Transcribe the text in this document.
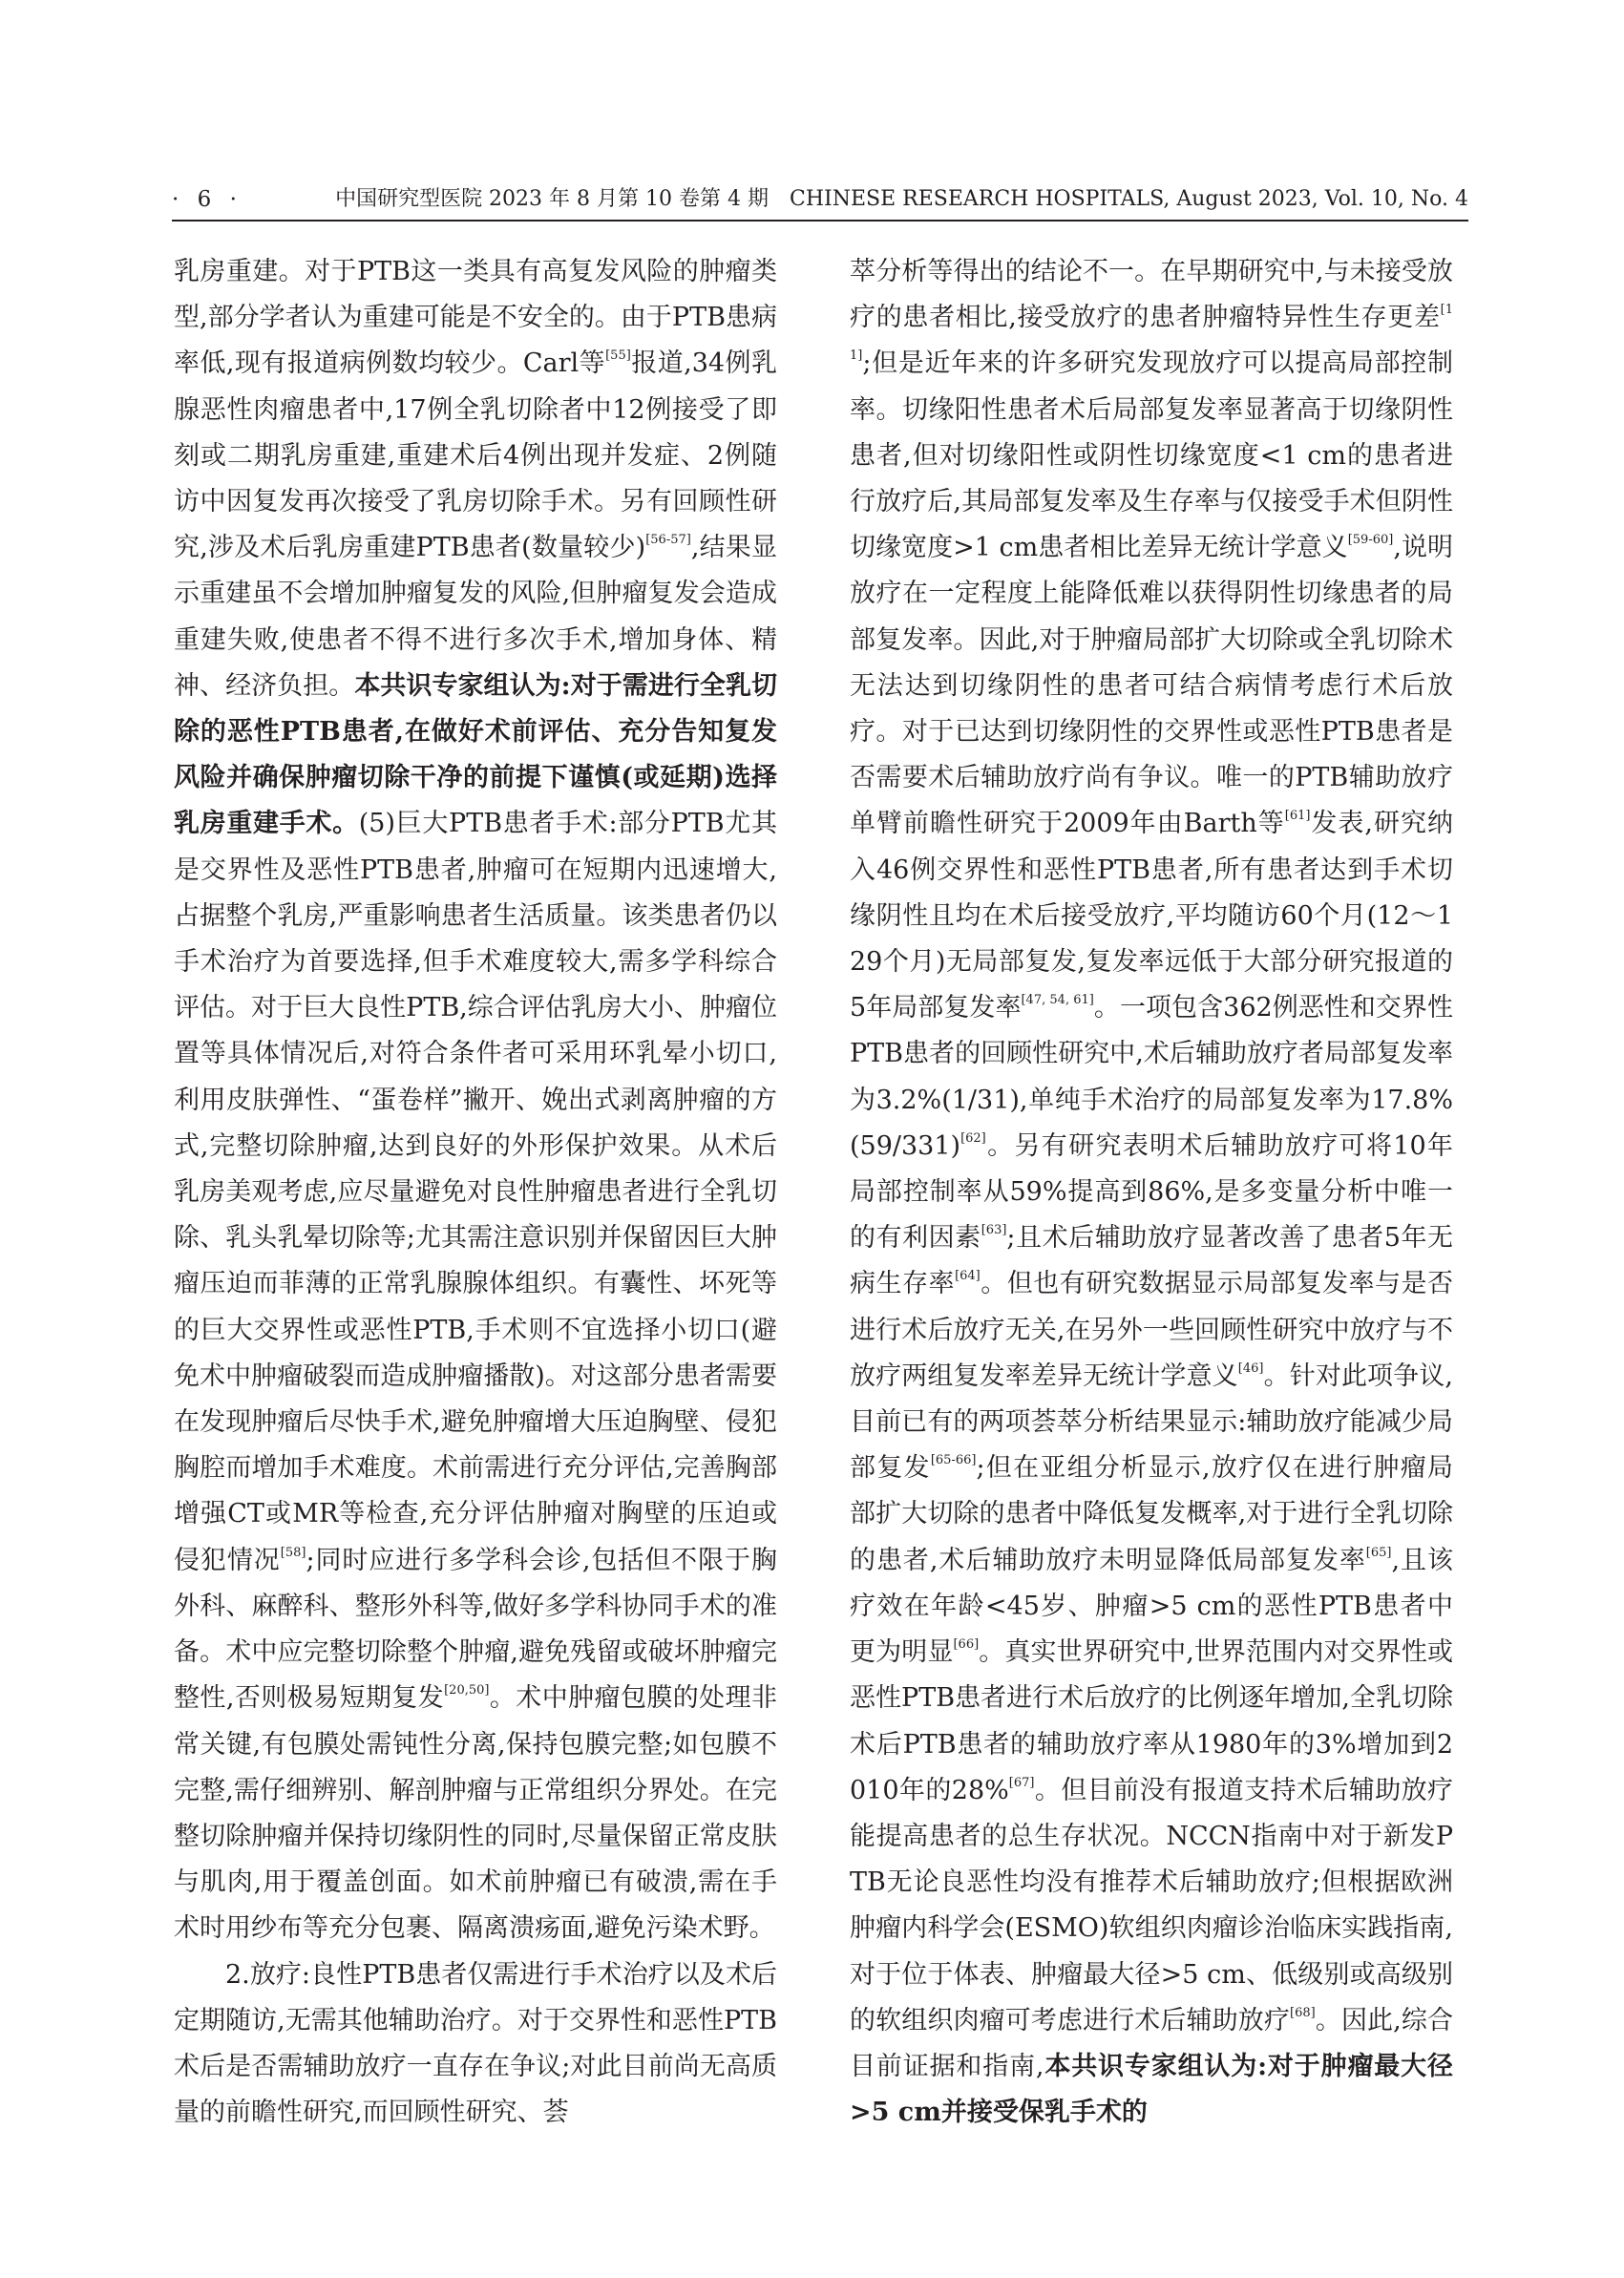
· 6 ·	中国研究型医院 2023 年 8 月第 10 卷第 4 期　CHINESE RESEARCH HOSPITALS, August 2023, Vol. 10, No. 4

乳房重建。对于PTB这一类具有高复发风险的肿瘤类型,部分学者认为重建可能是不安全的。由于PTB患病率低,现有报道病例数均较少。Carl等[55]报道,34例乳腺恶性肉瘤患者中,17例全乳切除者中12例接受了即刻或二期乳房重建,重建术后4例出现并发症、2例随访中因复发再次接受了乳房切除手术。另有回顾性研究,涉及术后乳房重建PTB患者(数量较少)[56-57],结果显示重建虽不会增加肿瘤复发的风险,但肿瘤复发会造成重建失败,使患者不得不进行多次手术,增加身体、精神、经济负担。本共识专家组认为:对于需进行全乳切除的恶性PTB患者,在做好术前评估、充分告知复发风险并确保肿瘤切除干净的前提下谨慎(或延期)选择乳房重建手术。(5)巨大PTB患者手术:部分PTB尤其是交界性及恶性PTB患者,肿瘤可在短期内迅速增大,占据整个乳房,严重影响患者生活质量。该类患者仍以手术治疗为首要选择,但手术难度较大,需多学科综合评估。对于巨大良性PTB,综合评估乳房大小、肿瘤位置等具体情况后,对符合条件者可采用环乳晕小切口,利用皮肤弹性、“蛋卷样”撇开、娩出式剥离肿瘤的方式,完整切除肿瘤,达到良好的外形保护效果。从术后乳房美观考虑,应尽量避免对良性肿瘤患者进行全乳切除、乳头乳晕切除等;尤其需注意识别并保留因巨大肿瘤压迫而菲薄的正常乳腺腺体组织。有囊性、坏死等的巨大交界性或恶性PTB,手术则不宜选择小切口(避免术中肿瘤破裂而造成肿瘤播散)。对这部分患者需要在发现肿瘤后尽快手术,避免肿瘤增大压迫胸壁、侵犯胸腔而增加手术难度。术前需进行充分评估,完善胸部增强CT或MR等检查,充分评估肿瘤对胸壁的压迫或侵犯情况[58];同时应进行多学科会诊,包括但不限于胸外科、麻醉科、整形外科等,做好多学科协同手术的准备。术中应完整切除整个肿瘤,避免残留或破坏肿瘤完整性,否则极易短期复发[20,50]。术中肿瘤包膜的处理非常关键,有包膜处需钝性分离,保持包膜完整;如包膜不完整,需仔细辨别、解剖肿瘤与正常组织分界处。在完整切除肿瘤并保持切缘阴性的同时,尽量保留正常皮肤与肌肉,用于覆盖创面。如术前肿瘤已有破溃,需在手术时用纱布等充分包裹、隔离溃疡面,避免污染术野。

2.放疗:良性PTB患者仅需进行手术治疗以及术后定期随访,无需其他辅助治疗。对于交界性和恶性PTB术后是否需辅助放疗一直存在争议;对此目前尚无高质量的前瞻性研究,而回顾性研究、荟

萃分析等得出的结论不一。在早期研究中,与未接受放疗的患者相比,接受放疗的患者肿瘤特异性生存更差[11];但是近年来的许多研究发现放疗可以提高局部控制率。切缘阳性患者术后局部复发率显著高于切缘阴性患者,但对切缘阳性或阴性切缘宽度<1 cm的患者进行放疗后,其局部复发率及生存率与仅接受手术但阴性切缘宽度>1 cm患者相比差异无统计学意义[59-60],说明放疗在一定程度上能降低难以获得阴性切缘患者的局部复发率。因此,对于肿瘤局部扩大切除或全乳切除术无法达到切缘阴性的患者可结合病情考虑行术后放疗。对于已达到切缘阴性的交界性或恶性PTB患者是否需要术后辅助放疗尚有争议。唯一的PTB辅助放疗单臂前瞻性研究于2009年由Barth等[61]发表,研究纳入46例交界性和恶性PTB患者,所有患者达到手术切缘阴性且均在术后接受放疗,平均随访60个月(12～129个月)无局部复发,复发率远低于大部分研究报道的5年局部复发率[47, 54, 61]。一项包含362例恶性和交界性PTB患者的回顾性研究中,术后辅助放疗者局部复发率为3.2%(1/31),单纯手术治疗的局部复发率为17.8%(59/331)[62]。另有研究表明术后辅助放疗可将10年局部控制率从59%提高到86%,是多变量分析中唯一的有利因素[63];且术后辅助放疗显著改善了患者5年无病生存率[64]。但也有研究数据显示局部复发率与是否进行术后放疗无关,在另外一些回顾性研究中放疗与不放疗两组复发率差异无统计学意义[46]。针对此项争议,目前已有的两项荟萃分析结果显示:辅助放疗能减少局部复发[65-66];但在亚组分析显示,放疗仅在进行肿瘤局部扩大切除的患者中降低复发概率,对于进行全乳切除的患者,术后辅助放疗未明显降低局部复发率[65],且该疗效在年龄<45岁、肿瘤>5 cm的恶性PTB患者中更为明显[66]。真实世界研究中,世界范围内对交界性或恶性PTB患者进行术后放疗的比例逐年增加,全乳切除术后PTB患者的辅助放疗率从1980年的3%增加到2010年的28%[67]。但目前没有报道支持术后辅助放疗能提高患者的总生存状况。NCCN指南中对于新发PTB无论良恶性均没有推荐术后辅助放疗;但根据欧洲肿瘤内科学会(ESMO)软组织肉瘤诊治临床实践指南,对于位于体表、肿瘤最大径>5 cm、低级别或高级别的软组织肉瘤可考虑进行术后辅助放疗[68]。因此,综合目前证据和指南,本共识专家组认为:对于肿瘤最大径>5 cm并接受保乳手术的
